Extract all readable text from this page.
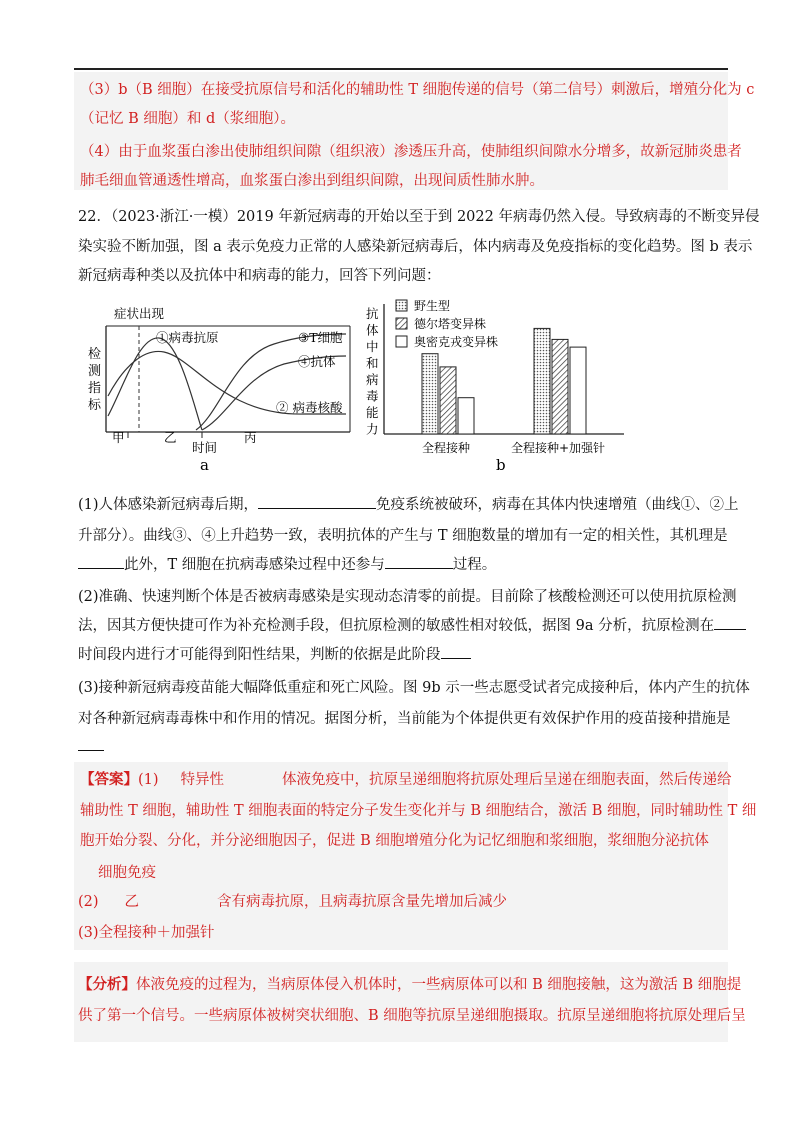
（3）b（B 细胞）在接受抗原信号和活化的辅助性 T 细胞传递的信号（第二信号）刺激后，增殖分化为 c
（记忆 B 细胞）和 d（浆细胞）。
（4）由于血浆蛋白渗出使肺组织间隙（组织液）渗透压升高，使肺组织间隙水分增多，故新冠肺炎患者
肺毛细血管通透性增高，血浆蛋白渗出到组织间隙，出现间质性肺水肿。
22．（2023·浙江·一模）2019 年新冠病毒的开始以至于到 2022 年病毒仍然入侵。导致病毒的不断变异侵
染实验不断加强，图 a 表示免疫力正常的人感染新冠病毒后，体内病毒及免疫指标的变化趋势。图 b 表示
新冠病毒种类以及抗体中和病毒的能力，回答下列问题：
检
测
指
标
症状出现
①病毒抗原	③T细胞
④抗体
② 病毒核酸
甲	乙	丙
时间
a
抗
体
中
和
病
毒
能
力
野生型
德尔塔变异株
奥密克戎变异株
全程接种	全程接种+加强针
b
(1)人体感染新冠病毒后期，	免疫系统被破环，病毒在其体内快速增殖（曲线①、②上
升部分）。曲线③、④上升趋势一致，表明抗体的产生与 T 细胞数量的增加有一定的相关性，其机理是
此外，T 细胞在抗病毒感染过程中还参与	过程。
(2)准确、快速判断个体是否被病毒感染是实现动态清零的前提。目前除了核酸检测还可以使用抗原检测
法，因其方便快捷可作为补充检测手段，但抗原检测的敏感性相对较低，据图 9a 分析，抗原检测在
时间段内进行才可能得到阳性结果，判断的依据是此阶段
(3)接种新冠病毒疫苗能大幅降低重症和死亡风险。图 9b 示一些志愿受试者完成接种后，体内产生的抗体
对各种新冠病毒毒株中和作用的情况。据图分析，当前能为个体提供更有效保护作用的疫苗接种措施是
【答案】(1) 特异性	体液免疫中，抗原呈递细胞将抗原处理后呈递在细胞表面，然后传递给
辅助性 T 细胞，辅助性 T 细胞表面的特定分子发生变化并与 B 细胞结合，激活 B 细胞，同时辅助性 T 细
胞开始分裂、分化，并分泌细胞因子，促进 B 细胞增殖分化为记忆细胞和浆细胞，浆细胞分泌抗体
细胞免疫
(2) 乙	含有病毒抗原，且病毒抗原含量先增加后减少
(3)全程接种＋加强针
【分析】体液免疫的过程为，当病原体侵入机体时，一些病原体可以和 B 细胞接触，这为激活 B 细胞提
供了第一个信号。一些病原体被树突状细胞、B 细胞等抗原呈递细胞摄取。抗原呈递细胞将抗原处理后呈
